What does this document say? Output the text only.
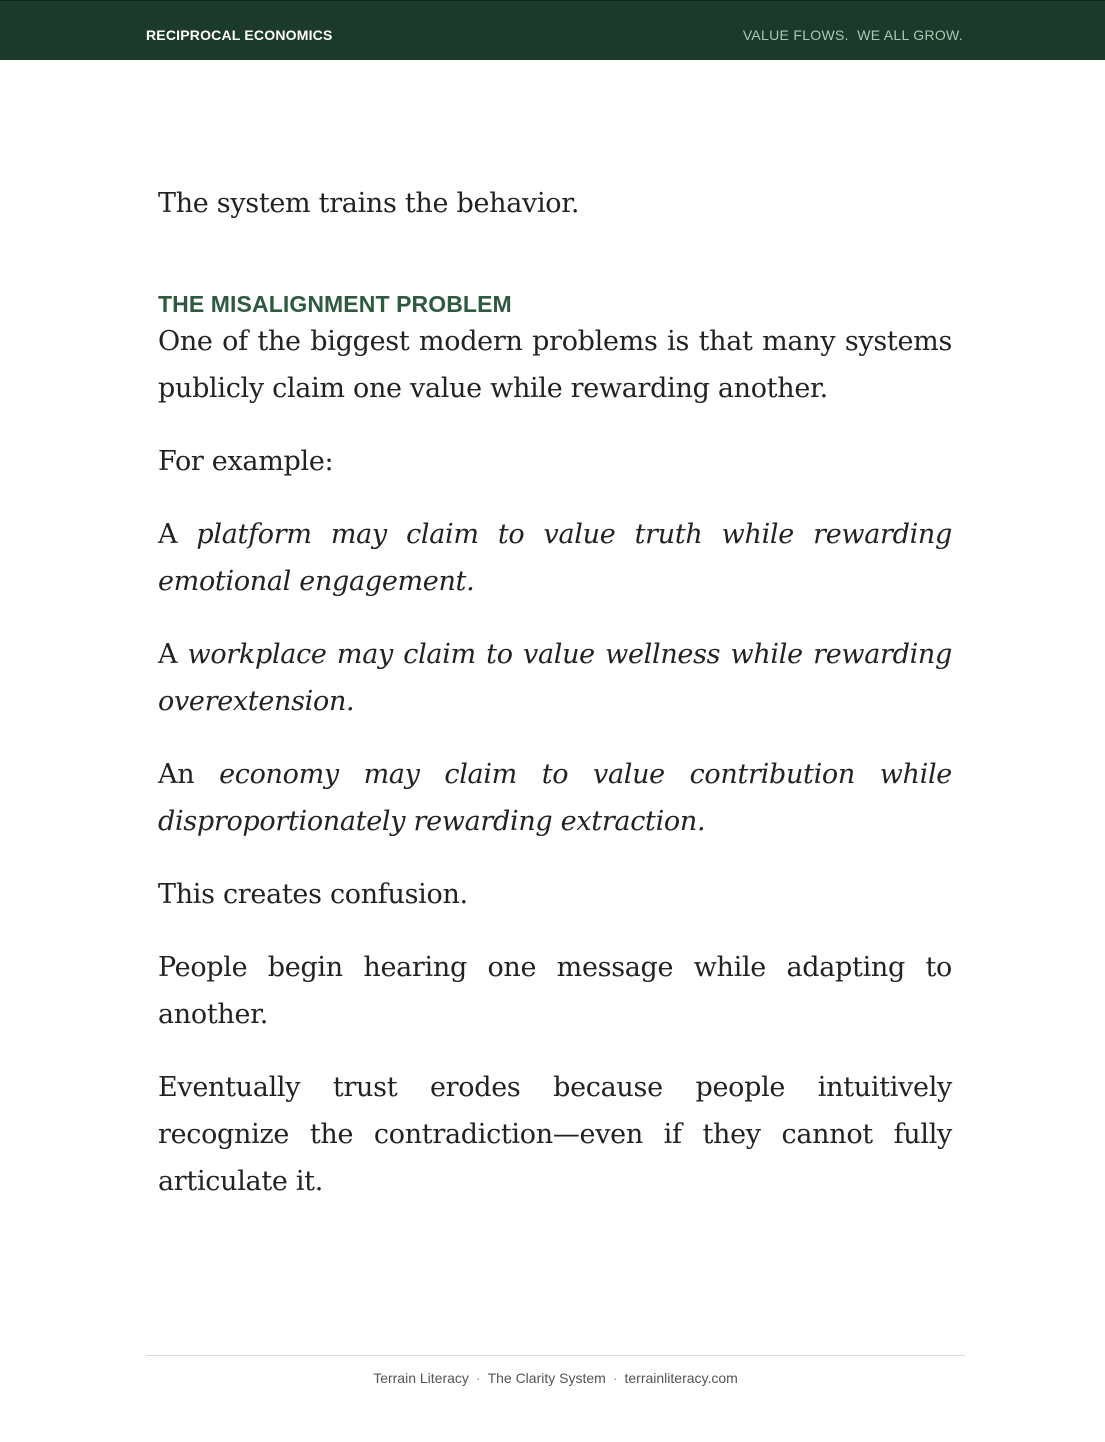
RECIPROCAL ECONOMICS	VALUE FLOWS.  WE ALL GROW.

The system trains the behavior.

THE MISALIGNMENT PROBLEM

One of the biggest modern problems is that many systems publicly claim one value while rewarding another.

For example:

A platform may claim to value truth while rewarding emotional engagement.

A workplace may claim to value wellness while rewarding overextension.

An economy may claim to value contribution while disproportionately rewarding extraction.

This creates confusion.

People begin hearing one message while adapting to another.

Eventually trust erodes because people intuitively recognize the contradiction—even if they cannot fully articulate it.

Terrain Literacy · The Clarity System · terrainliteracy.com
